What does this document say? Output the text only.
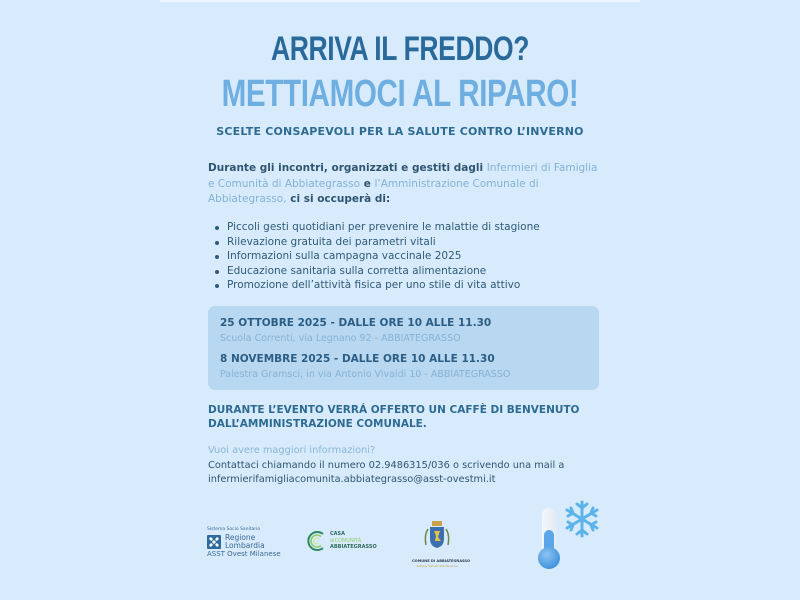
ARRIVA IL FREDDO?
METTIAMOCI AL RIPARO!
SCELTE CONSAPEVOLI PER LA SALUTE CONTRO L’INVERNO
Durante gli incontri, organizzati e gestiti dagli Infermieri di Famiglia e Comunità di Abbiategrasso e l’Amministrazione Comunale di Abbiategrasso, ci si occuperà di:
Piccoli gesti quotidiani per prevenire le malattie di stagione
Rilevazione gratuita dei parametri vitali
Informazioni sulla campagna vaccinale 2025
Educazione sanitaria sulla corretta alimentazione
Promozione dell’attività fisica per uno stile di vita attivo
25 OTTOBRE 2025 - DALLE ORE 10 ALLE 11.30
Scuola Correnti, via Legnano 92 - ABBIATEGRASSO
8 NOVEMBRE 2025 - DALLE ORE 10 ALLE 11.30
Palestra Gramsci, in via Antonio Vivaldi 10 - ABBIATEGRASSO
DURANTE L’EVENTO VERRÁ OFFERTO UN CAFFÈ DI BENVENUTO
DALL’AMMINISTRAZIONE COMUNALE.
Vuoi avere maggiori informazioni?
Contattaci chiamando il numero 02.9486315/036 o scrivendo una mail a
infermierifamigliacomunita.abbiategrasso@asst-ovestmi.it
Sistema Socio Sanitario
Regione
Lombardia
ASST Ovest Milanese
CASA
diCOMUNITÀ
ABBIATEGRASSO
COMUNE DI ABBIATEGRASSO
Settore Servizi alla Persona
